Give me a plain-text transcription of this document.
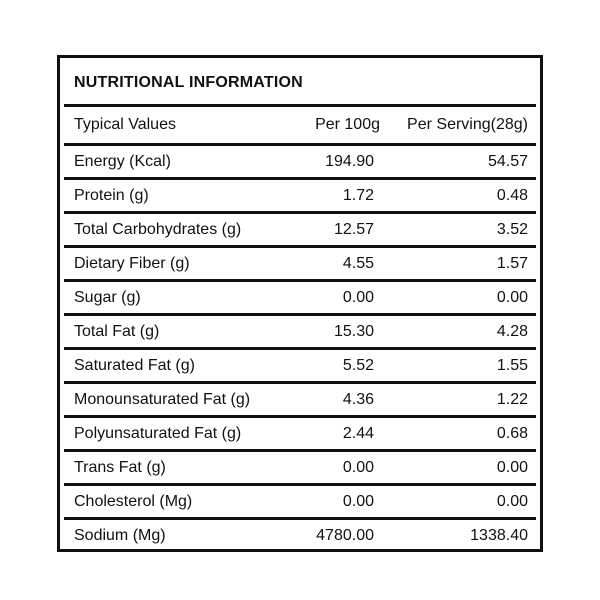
NUTRITIONAL INFORMATION
Typical Values	Per 100g	Per Serving(28g)
Energy (Kcal)	194.90	54.57
Protein (g)	1.72	0.48
Total Carbohydrates (g)	12.57	3.52
Dietary Fiber (g)	4.55	1.57
Sugar (g)	0.00	0.00
Total Fat (g)	15.30	4.28
Saturated Fat (g)	5.52	1.55
Monounsaturated Fat (g)	4.36	1.22
Polyunsaturated Fat (g)	2.44	0.68
Trans Fat (g)	0.00	0.00
Cholesterol (Mg)	0.00	0.00
Sodium (Mg)	4780.00	1338.40
